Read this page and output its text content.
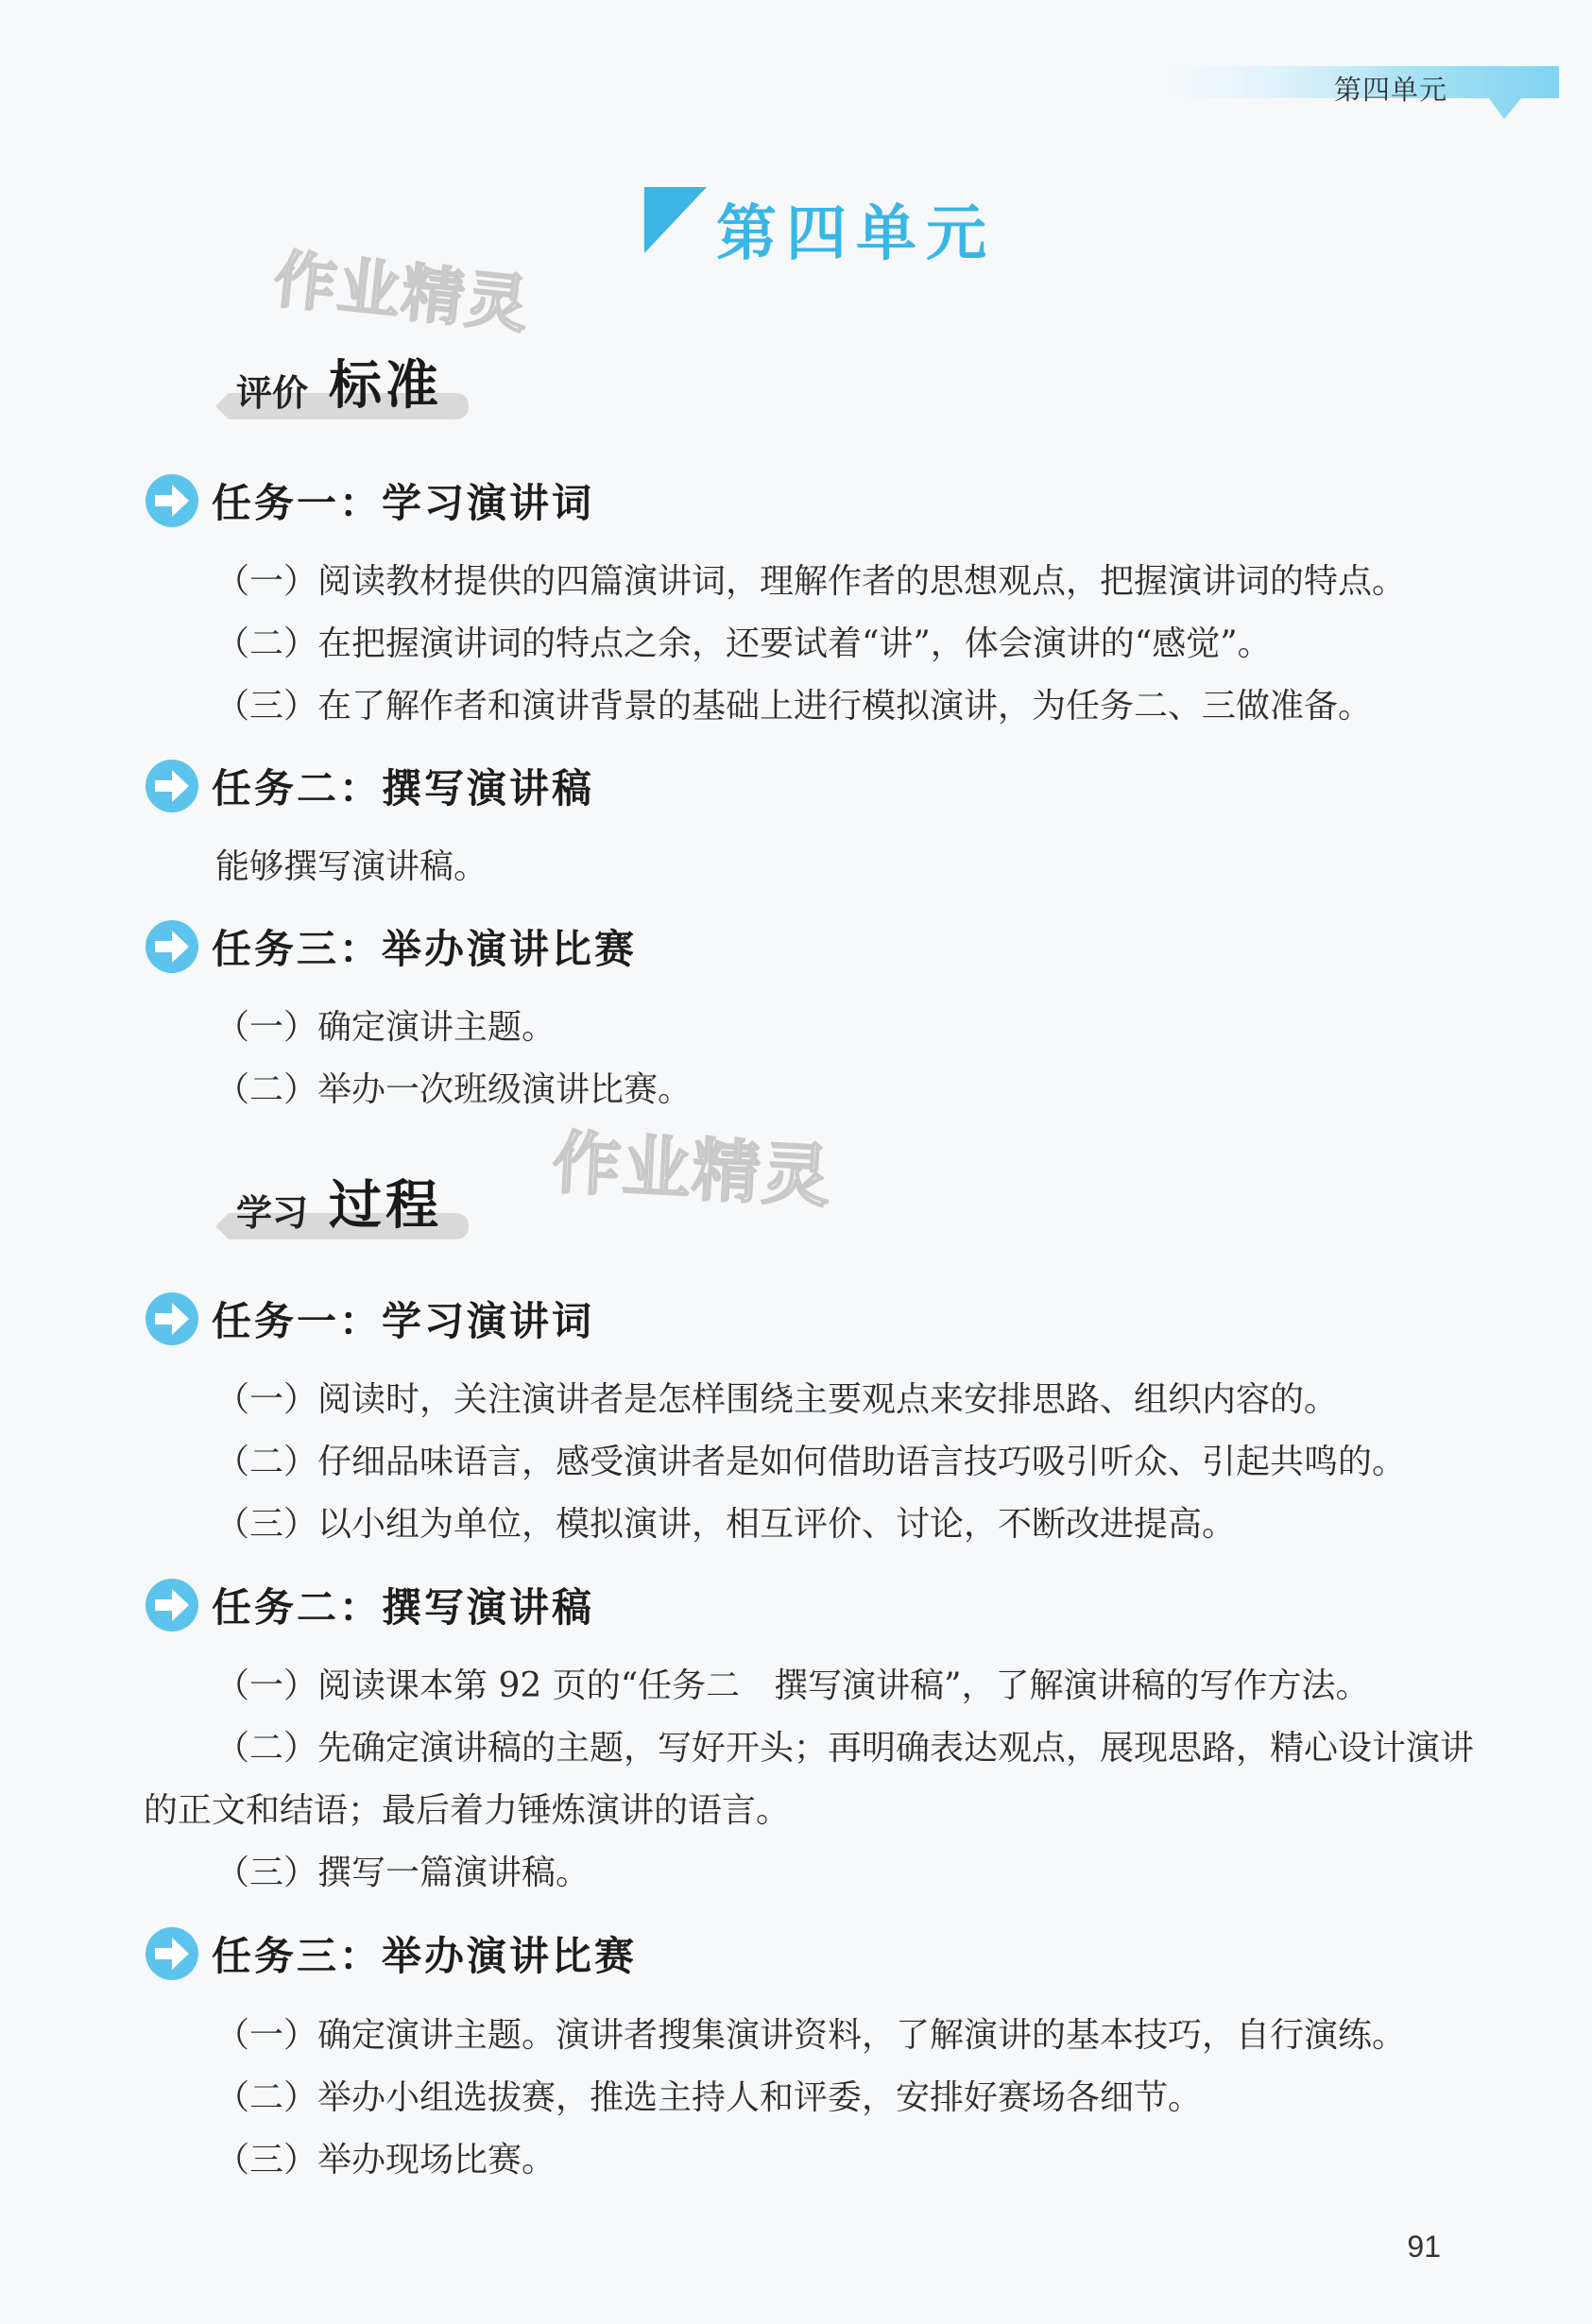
第四单元
第四单元
作业精灵
作业精灵
评价 标准
任务一：学习演讲词
（一）阅读教材提供的四篇演讲词，理解作者的思想观点，把握演讲词的特点。
（二）在把握演讲词的特点之余，还要试着“讲”，体会演讲的“感觉”。
（三）在了解作者和演讲背景的基础上进行模拟演讲，为任务二、三做准备。
任务二：撰写演讲稿
能够撰写演讲稿。
任务三：举办演讲比赛
（一）确定演讲主题。
（二）举办一次班级演讲比赛。
学习 过程
任务一：学习演讲词
（一）阅读时，关注演讲者是怎样围绕主要观点来安排思路、组织内容的。
（二）仔细品味语言，感受演讲者是如何借助语言技巧吸引听众、引起共鸣的。
（三）以小组为单位，模拟演讲，相互评价、讨论，不断改进提高。
任务二：撰写演讲稿
（一）阅读课本第 92 页的“任务二　撰写演讲稿”，了解演讲稿的写作方法。
（二）先确定演讲稿的主题，写好开头；再明确表达观点，展现思路，精心设计演讲的正文和结语；最后着力锤炼演讲的语言。
（三）撰写一篇演讲稿。
任务三：举办演讲比赛
（一）确定演讲主题。演讲者搜集演讲资料，了解演讲的基本技巧，自行演练。
（二）举办小组选拔赛，推选主持人和评委，安排好赛场各细节。
（三）举办现场比赛。
91
